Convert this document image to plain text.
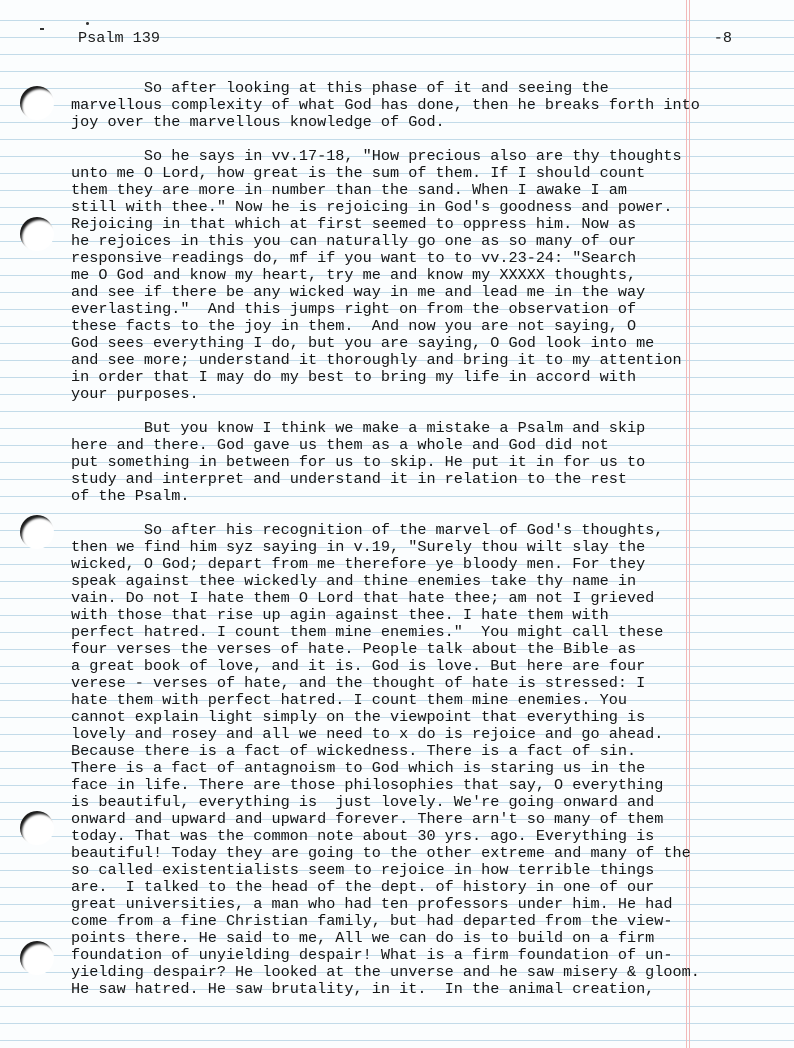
Psalm 139	-8
So after looking at this phase of it and seeing the
marvellous complexity of what God has done, then he breaks forth into
joy over the marvellous knowledge of God.

So he says in vv.17-18, "How precious also are thy thoughts
unto me O Lord, how great is the sum of them. If I should count
them they are more in number than the sand. When I awake I am
still with thee." Now he is rejoicing in God's goodness and power.
Rejoicing in that which at first seemed to oppress him. Now as
he rejoices in this you can naturally go one as so many of our
responsive readings do, mf if you want to to vv.23-24: "Search
me O God and know my heart, try me and know my XXXXX thoughts,
and see if there be any wicked way in me and lead me in the way
everlasting."  And this jumps right on from the observation of
these facts to the joy in them.  And now you are not saying, O
God sees everything I do, but you are saying, O God look into me
and see more; understand it thoroughly and bring it to my attention
in order that I may do my best to bring my life in accord with
your purposes.

But you know I think we make a mistake a Psalm and skip
here and there. God gave us them as a whole and God did not
put something in between for us to skip. He put it in for us to
study and interpret and understand it in relation to the rest
of the Psalm.

So after his recognition of the marvel of God's thoughts,
then we find him syz saying in v.19, "Surely thou wilt slay the
wicked, O God; depart from me therefore ye bloody men. For they
speak against thee wickedly and thine enemies take thy name in
vain. Do not I hate them O Lord that hate thee; am not I grieved
with those that rise up agin against thee. I hate them with
perfect hatred. I count them mine enemies."  You might call these
four verses the verses of hate. People talk about the Bible as
a great book of love, and it is. God is love. But here are four
verese - verses of hate, and the thought of hate is stressed: I
hate them with perfect hatred. I count them mine enemies. You
cannot explain light simply on the viewpoint that everything is
lovely and rosey and all we need to x do is rejoice and go ahead.
Because there is a fact of wickedness. There is a fact of sin.
There is a fact of antagnoism to God which is staring us in the
face in life. There are those philosophies that say, O everything
is beautiful, everything is  just lovely. We're going onward and
onward and upward and upward forever. There arn't so many of them
today. That was the common note about 30 yrs. ago. Everything is
beautiful! Today they are going to the other extreme and many of the
so called existentialists seem to rejoice in how terrible things
are.  I talked to the head of the dept. of history in one of our
great universities, a man who had ten professors under him. He had
come from a fine Christian family, but had departed from the view-
points there. He said to me, All we can do is to build on a firm
foundation of unyielding despair! What is a firm foundation of un-
yielding despair? He looked at the unverse and he saw misery & gloom.
He saw hatred. He saw brutality, in it.  In the animal creation,
